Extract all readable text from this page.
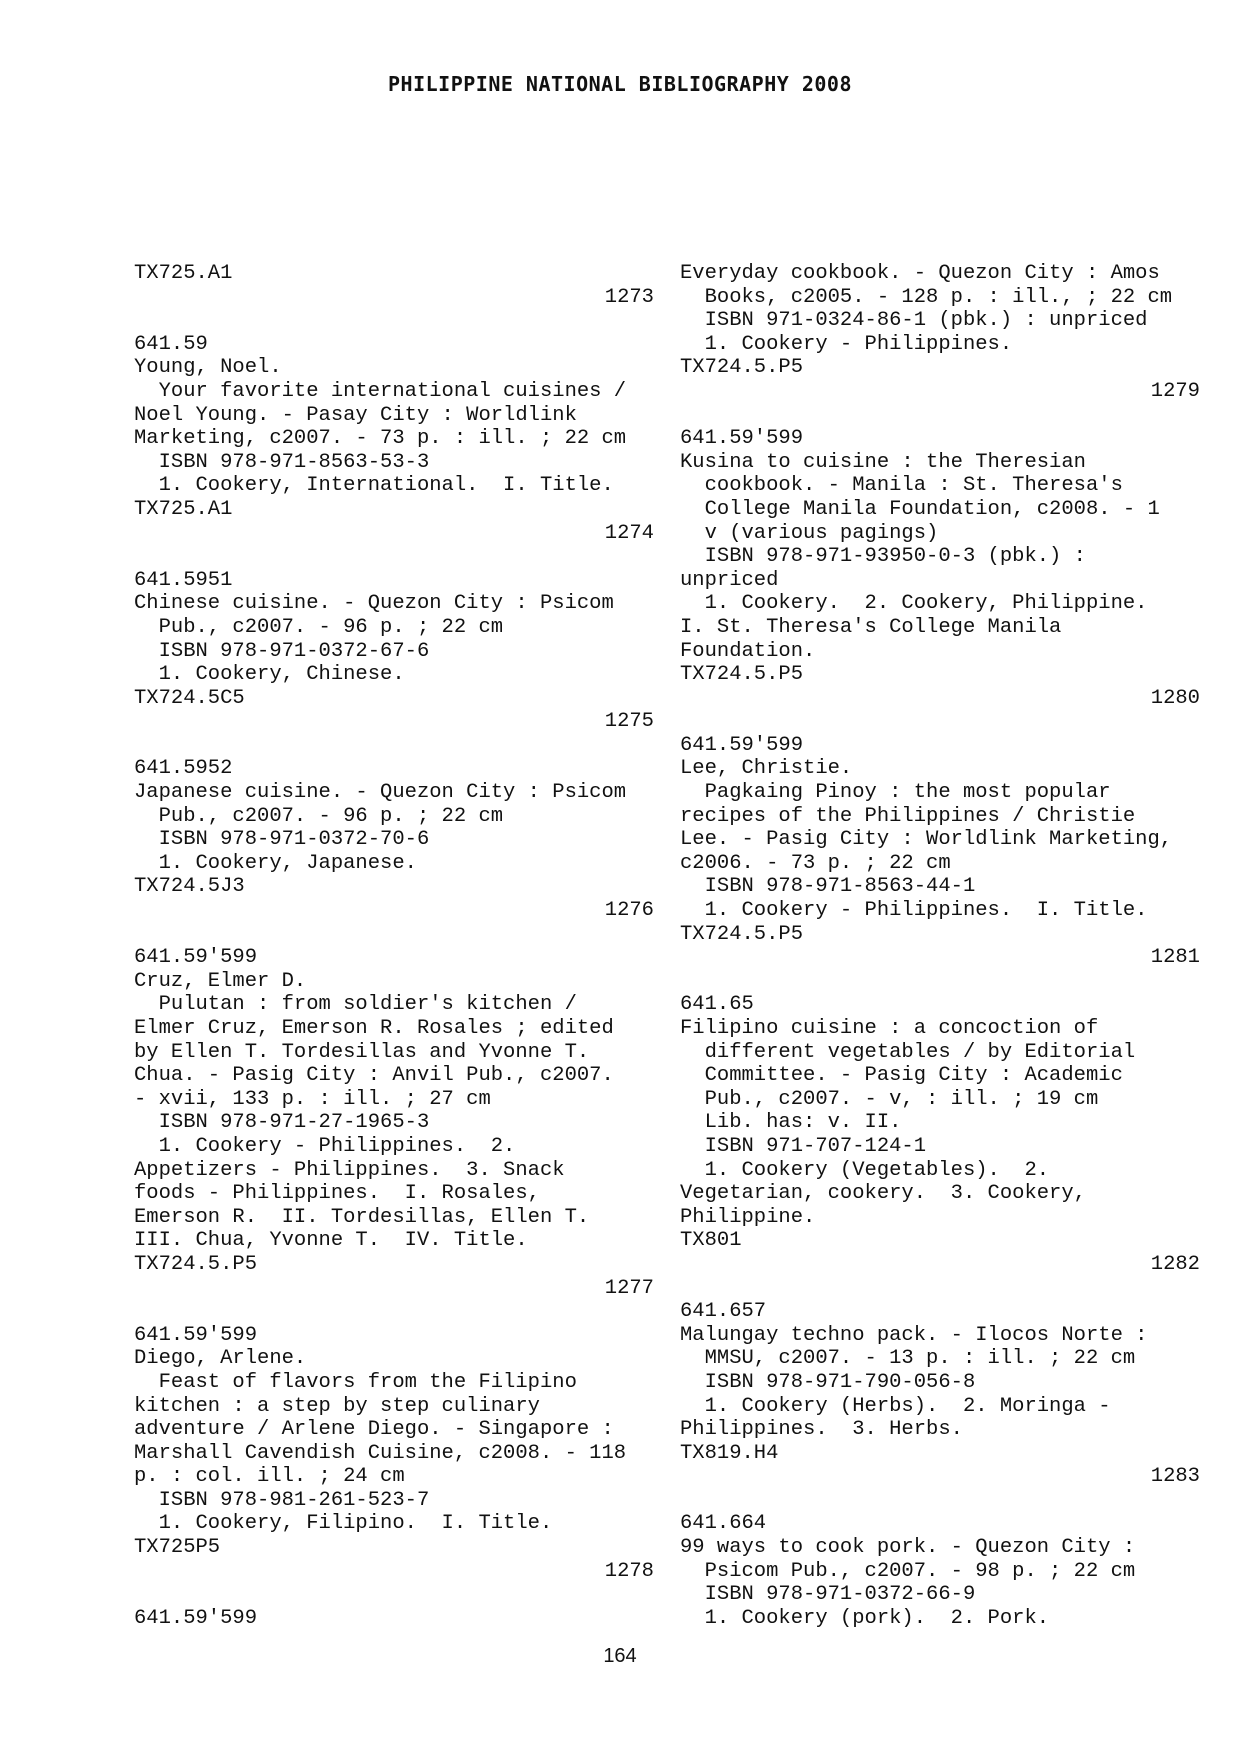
PHILIPPINE NATIONAL BIBLIOGRAPHY 2008
TX725.A1
1273
641.59
Young, Noel.
Your favorite international cuisines /
Noel Young. - Pasay City : Worldlink
Marketing, c2007. - 73 p. : ill. ; 22 cm
ISBN 978-971-8563-53-3
1. Cookery, International.  I. Title.
TX725.A1
1274
641.5951
Chinese cuisine. - Quezon City : Psicom
Pub., c2007. - 96 p. ; 22 cm
ISBN 978-971-0372-67-6
1. Cookery, Chinese.
TX724.5C5
1275
641.5952
Japanese cuisine. - Quezon City : Psicom
Pub., c2007. - 96 p. ; 22 cm
ISBN 978-971-0372-70-6
1. Cookery, Japanese.
TX724.5J3
1276
641.59'599
Cruz, Elmer D.
Pulutan : from soldier's kitchen /
Elmer Cruz, Emerson R. Rosales ; edited
by Ellen T. Tordesillas and Yvonne T.
Chua. - Pasig City : Anvil Pub., c2007.
- xvii, 133 p. : ill. ; 27 cm
ISBN 978-971-27-1965-3
1. Cookery - Philippines.  2.
Appetizers - Philippines.  3. Snack
foods - Philippines.  I. Rosales,
Emerson R.  II. Tordesillas, Ellen T.
III. Chua, Yvonne T.  IV. Title.
TX724.5.P5
1277
641.59'599
Diego, Arlene.
Feast of flavors from the Filipino
kitchen : a step by step culinary
adventure / Arlene Diego. - Singapore :
Marshall Cavendish Cuisine, c2008. - 118
p. : col. ill. ; 24 cm
ISBN 978-981-261-523-7
1. Cookery, Filipino.  I. Title.
TX725P5
1278
641.59'599
Everyday cookbook. - Quezon City : Amos
Books, c2005. - 128 p. : ill., ; 22 cm
ISBN 971-0324-86-1 (pbk.) : unpriced
1. Cookery - Philippines.
TX724.5.P5
1279
641.59'599
Kusina to cuisine : the Theresian
cookbook. - Manila : St. Theresa's
College Manila Foundation, c2008. - 1
v (various pagings)
ISBN 978-971-93950-0-3 (pbk.) :
unpriced
1. Cookery.  2. Cookery, Philippine.
I. St. Theresa's College Manila
Foundation.
TX724.5.P5
1280
641.59'599
Lee, Christie.
Pagkaing Pinoy : the most popular
recipes of the Philippines / Christie
Lee. - Pasig City : Worldlink Marketing,
c2006. - 73 p. ; 22 cm
ISBN 978-971-8563-44-1
1. Cookery - Philippines.  I. Title.
TX724.5.P5
1281
641.65
Filipino cuisine : a concoction of
different vegetables / by Editorial
Committee. - Pasig City : Academic
Pub., c2007. - v, : ill. ; 19 cm
Lib. has: v. II.
ISBN 971-707-124-1
1. Cookery (Vegetables).  2.
Vegetarian, cookery.  3. Cookery,
Philippine.
TX801
1282
641.657
Malungay techno pack. - Ilocos Norte :
MMSU, c2007. - 13 p. : ill. ; 22 cm
ISBN 978-971-790-056-8
1. Cookery (Herbs).  2. Moringa -
Philippines.  3. Herbs.
TX819.H4
1283
641.664
99 ways to cook pork. - Quezon City :
Psicom Pub., c2007. - 98 p. ; 22 cm
ISBN 978-971-0372-66-9
1. Cookery (pork).  2. Pork.
164
